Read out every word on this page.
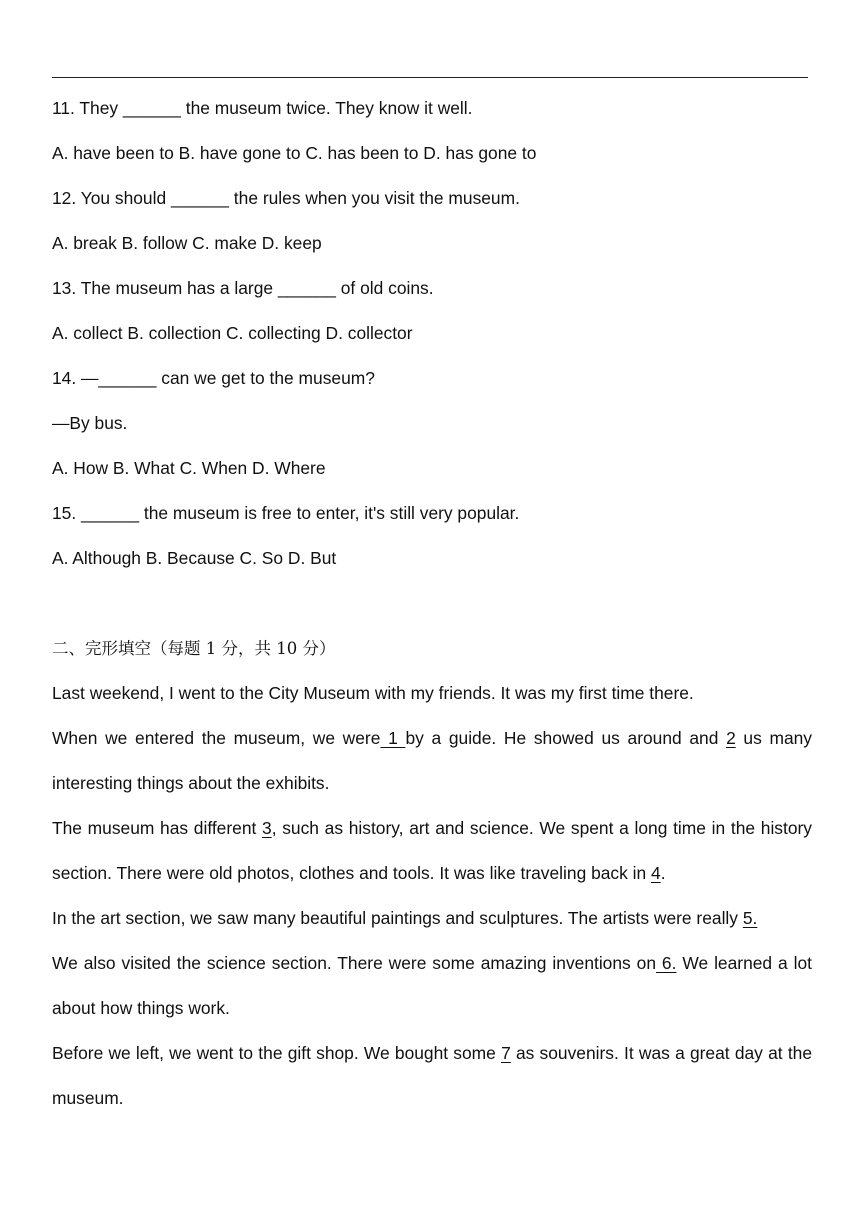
11. They ______ the museum twice. They know it well.
A. have been to B. have gone to C. has been to D. has gone to
12. You should ______ the rules when you visit the museum.
A. break B. follow C. make D. keep
13. The museum has a large ______ of old coins.
A. collect B. collection C. collecting D. collector
14. —______ can we get to the museum?
—By bus.
A. How B. What C. When D. Where
15. ______ the museum is free to enter, it's still very popular.
A. Although B. Because C. So D. But
二、完形填空（每题 1 分，共 10 分）
Last weekend, I went to the City Museum with my friends. It was my first time there.
When we entered the museum, we were 1 by a guide. He showed us around and 2 us many interesting things about the exhibits.
The museum has different 3, such as history, art and science. We spent a long time in the history section. There were old photos, clothes and tools. It was like traveling back in 4.
In the art section, we saw many beautiful paintings and sculptures. The artists were really 5.
We also visited the science section. There were some amazing inventions on 6. We learned a lot about how things work.
Before we left, we went to the gift shop. We bought some 7 as souvenirs. It was a great day at the museum.
